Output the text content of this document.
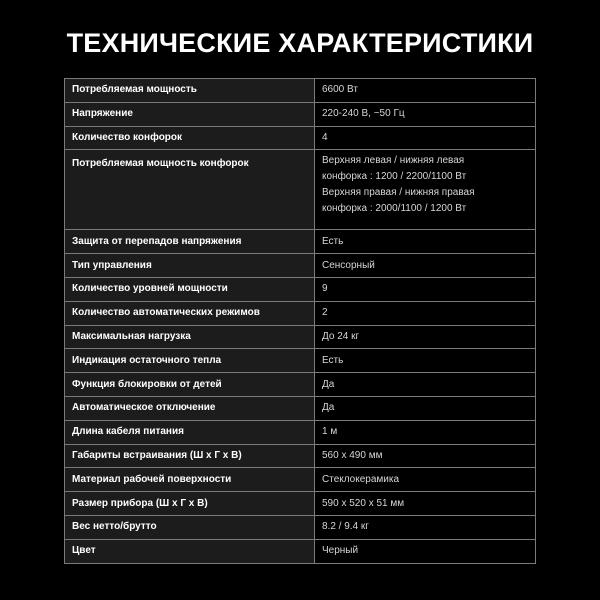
ТЕХНИЧЕСКИЕ ХАРАКТЕРИСТИКИ
Потребляемая мощность	6600 Вт
Напряжение	220-240 В, ~50 Гц
Количество конфорок	4
Потребляемая мощность конфорок	Верхняя левая / нижняя левая
конфорка : 1200 / 2200/1100 Вт
Верхняя правая / нижняя правая
конфорка : 2000/1100 / 1200 Вт

Защита от перепадов напряжения	Есть
Тип управления	Сенсорный
Количество уровней мощности	9
Количество автоматических режимов	2
Максимальная нагрузка	До 24 кг
Индикация остаточного тепла	Есть
Функция блокировки от детей	Да
Автоматическое отключение	Да
Длина кабеля питания	1 м
Габариты встраивания (Ш x Г x В)	560 x 490 мм
Материал рабочей поверхности	Стеклокерамика
Размер прибора (Ш x Г x В)	590 x 520 x 51 мм
Вес нетто/брутто	8.2 / 9.4 кг
Цвет	Черный
